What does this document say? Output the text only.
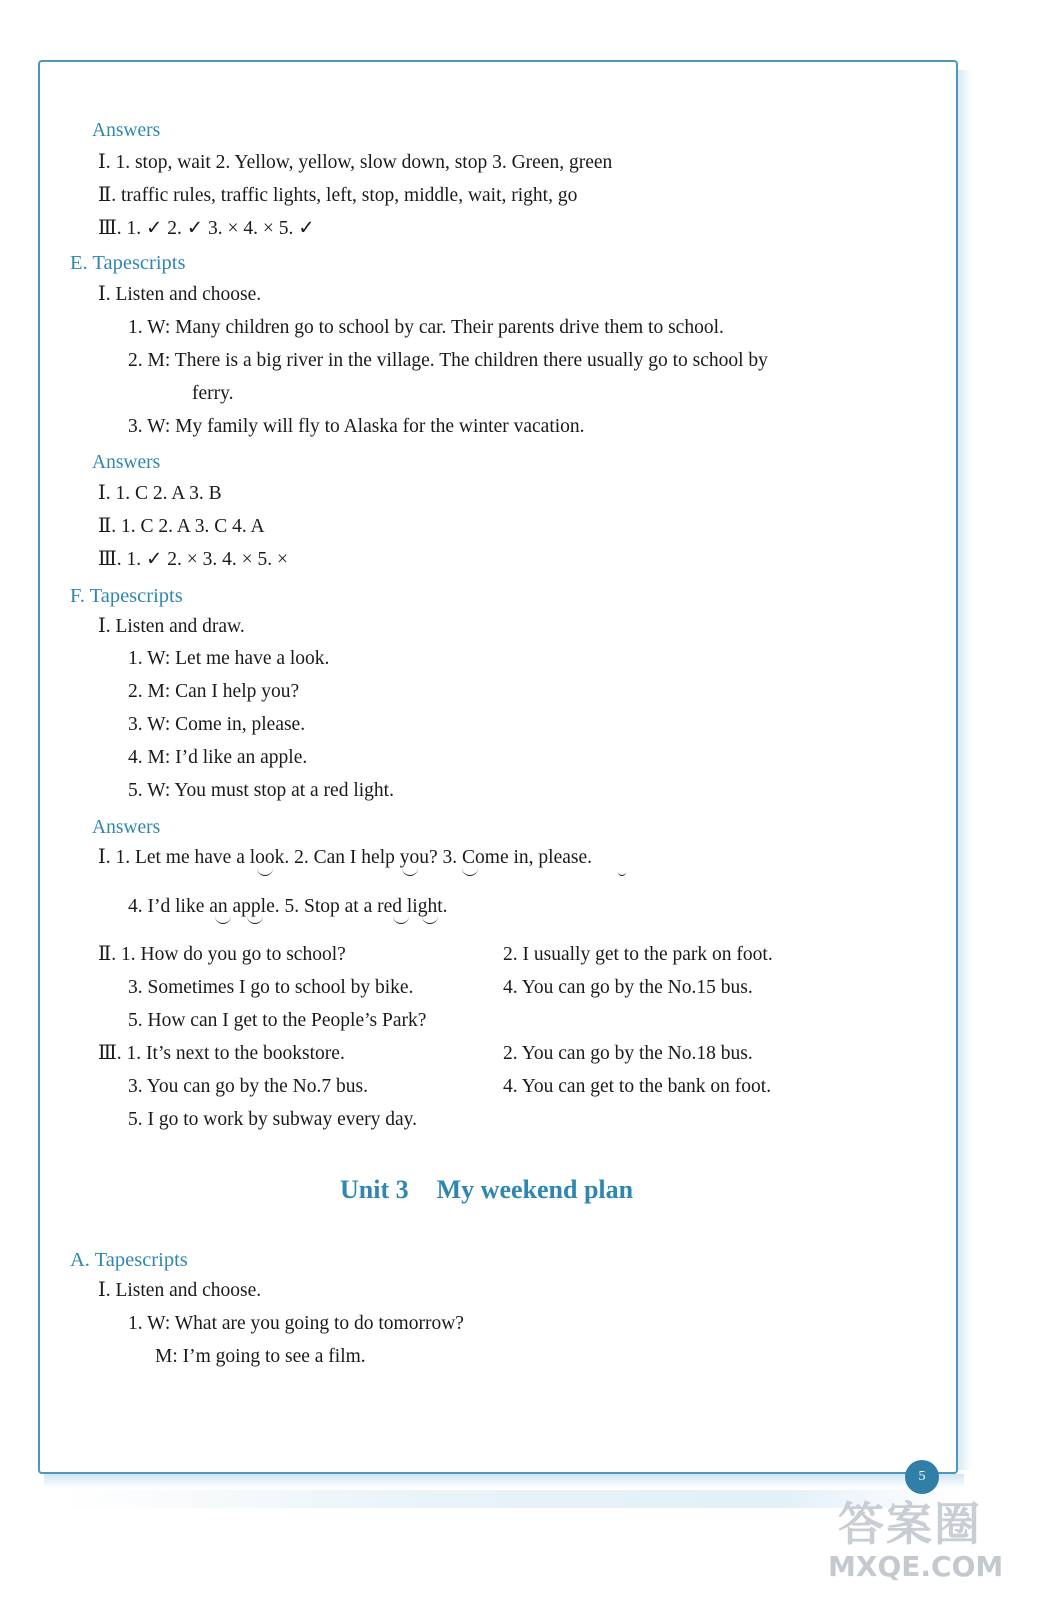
Answers
Ⅰ. 1. stop, wait 2. Yellow, yellow, slow down, stop 3. Green, green
Ⅱ. traffic rules, traffic lights, left, stop, middle, wait, right, go
Ⅲ. 1. ✓ 2. ✓ 3. × 4. × 5. ✓
E. Tapescripts
Ⅰ. Listen and choose.
1. W: Many children go to school by car. Their parents drive them to school.
2. M: There is a big river in the village. The children there usually go to school by
ferry.
3. W: My family will fly to Alaska for the winter vacation.
Answers
Ⅰ. 1. C 2. A 3. B
Ⅱ. 1. C 2. A 3. C 4. A
Ⅲ. 1. ✓ 2. × 3. 4. × 5. ×
F. Tapescripts
Ⅰ. Listen and draw.
1. W: Let me have a look.
2. M: Can I help you?
3. W: Come in, please.
4. M: I’d like an apple.
5. W: You must stop at a red light.
Answers
Ⅰ. 1. Let me have a look. 2. Can I help you? 3. Come in, please.
4. I’d like an apple. 5. Stop at a red light.
Ⅱ. 1. How do you go to school?	2. I usually get to the park on foot.
3. Sometimes I go to school by bike.	4. You can go by the No.15 bus.
5. How can I get to the People’s Park?
Ⅲ. 1. It’s next to the bookstore.	2. You can go by the No.18 bus.
3. You can go by the No.7 bus.	4. You can get to the bank on foot.
5. I go to work by subway every day.
Unit 3 My weekend plan
A. Tapescripts
Ⅰ. Listen and choose.
1. W: What are you going to do tomorrow?
M: I’m going to see a film.
5
答案圈
MXQE.COM
